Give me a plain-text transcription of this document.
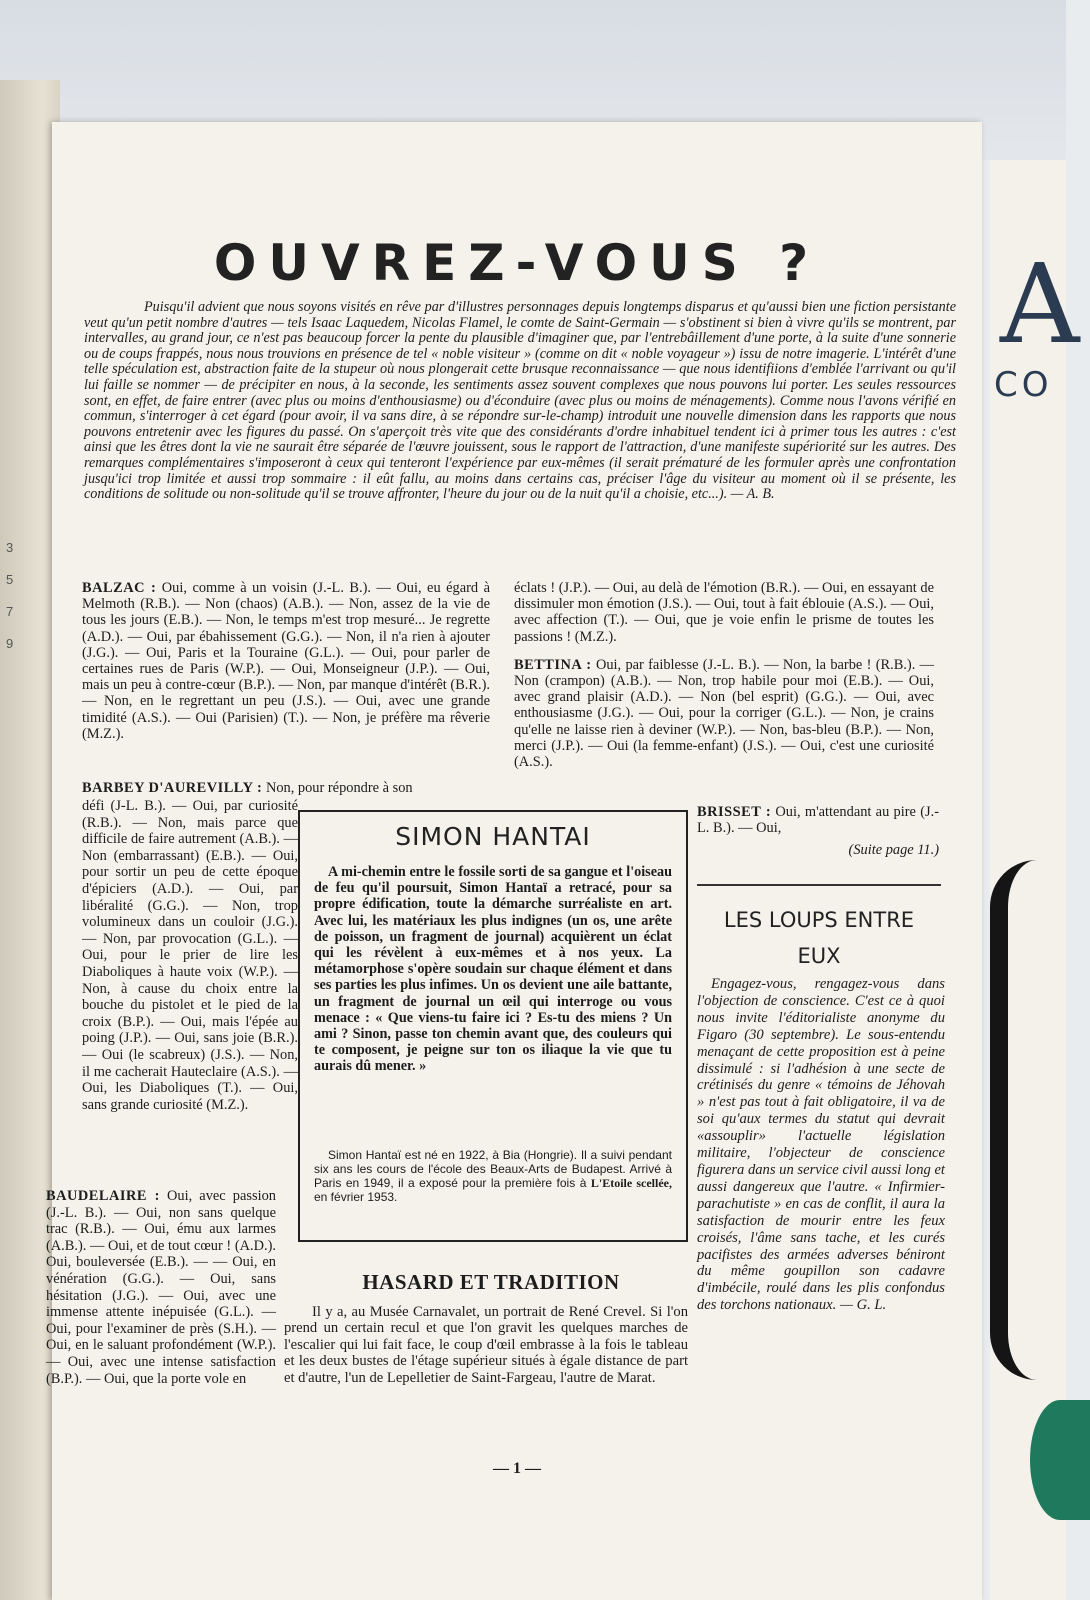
3
5
7
9
A
CO
OUVREZ-VOUS ?

Puisqu'il advient que nous soyons visités en rêve par d'illustres personnages depuis longtemps disparus et qu'aussi bien une fiction persistante veut qu'un petit nombre d'autres — tels Isaac Laquedem, Nicolas Flamel, le comte de Saint-Germain — s'obstinent si bien à vivre qu'ils se montrent, par intervalles, au grand jour, ce n'est pas beaucoup forcer la pente du plausible d'imaginer que, par l'entrebâillement d'une porte, à la suite d'une sonnerie ou de coups frappés, nous nous trouvions en présence de tel « noble visiteur » (comme on dit « noble voyageur ») issu de notre imagerie. L'intérêt d'une telle spéculation est, abstraction faite de la stupeur où nous plongerait cette brusque reconnaissance — que nous identifiions d'emblée l'arrivant ou qu'il lui faille se nommer — de précipiter en nous, à la seconde, les sentiments assez souvent complexes que nous pouvons lui porter. Les seules ressources sont, en effet, de faire entrer (avec plus ou moins d'enthousiasme) ou d'éconduire (avec plus ou moins de ménagements). Comme nous l'avons vérifié en commun, s'interroger à cet égard (pour avoir, il va sans dire, à se répondre sur-le-champ) introduit une nouvelle dimension dans les rapports que nous pouvons entretenir avec les figures du passé. On s'aperçoit très vite que des considérants d'ordre inhabituel tendent ici à primer tous les autres : c'est ainsi que les êtres dont la vie ne saurait être séparée de l'œuvre jouissent, sous le rapport de l'attraction, d'une manifeste supériorité sur les autres. Des remarques complémentaires s'imposeront à ceux qui tenteront l'expérience par eux-mêmes (il serait prématuré de les formuler après une confrontation jusqu'ici trop limitée et aussi trop sommaire : il eût fallu, au moins dans certains cas, préciser l'âge du visiteur au moment où il se présente, les conditions de solitude ou non-solitude qu'il se trouve affronter, l'heure du jour ou de la nuit qu'il a choisie, etc...). — A. B.

BALZAC : Oui, comme à un voisin (J.-L. B.). — Oui, eu égard à Melmoth (R.B.). — Non (chaos) (A.B.). — Non, assez de la vie de tous les jours (E.B.). — Non, le temps m'est trop mesuré... Je regrette (A.D.). — Oui, par ébahissement (G.G.). — Non, il n'a rien à ajouter (J.G.). — Oui, Paris et la Touraine (G.L.). — Oui, pour parler de certaines rues de Paris (W.P.). — Oui, Monseigneur (J.P.). — Oui, mais un peu à contre-cœur (B.P.). — Non, par manque d'intérêt (B.R.). — Non, en le regrettant un peu (J.S.). — Oui, avec une grande timidité (A.S.). — Oui (Parisien) (T.). — Non, je préfère ma rêverie (M.Z.).

BARBEY D'AUREVILLY : Non, pour répondre à son
défi (J-L. B.). — Oui, par curiosité (R.B.). — Non, mais parce que difficile de faire autrement (A.B.). — Non (embarrassant) (E.B.). — Oui, pour sortir un peu de cette époque d'épiciers (A.D.). — Oui, par libéralité (G.G.). — Non, trop volumineux dans un couloir (J.G.). — Non, par provocation (G.L.). — Oui, pour le prier de lire les Diaboliques à haute voix (W.P.). — Non, à cause du choix entre la bouche du pistolet et le pied de la croix (B.P.). — Oui, mais l'épée au poing (J.P.). — Oui, sans joie (B.R.). — Oui (le scabreux) (J.S.). — Non, il me cacherait Hauteclaire (A.S.). — Oui, les Diaboliques (T.). — Oui, sans grande curiosité (M.Z.).
BAUDELAIRE : Oui, avec passion (J.-L. B.). — Oui, non sans quelque trac (R.B.). — Oui, ému aux larmes (A.B.). — Oui, et de tout cœur ! (A.D.). Oui, bouleversée (E.B.). — — Oui, en vénération (G.G.). — Oui, sans hésitation (J.G.). — Oui, avec une immense attente inépuisée (G.L.). — Oui, pour l'examiner de près (S.H.). — Oui, en le saluant profondément (W.P.). — Oui, avec une intense satisfaction (B.P.). — Oui, que la porte vole en

éclats ! (J.P.). — Oui, au delà de l'émotion (B.R.). — Oui, en essayant de dissimuler mon émotion (J.S.). — Oui, tout à fait éblouie (A.S.). — Oui, avec affection (T.). — Oui, que je voie enfin le prisme de toutes les passions ! (M.Z.).

BETTINA : Oui, par faiblesse (J.-L. B.). — Non, la barbe ! (R.B.). — Non (crampon) (A.B.). — Non, trop habile pour moi (E.B.). — Oui, avec grand plaisir (A.D.). — Non (bel esprit) (G.G.). — Oui, avec enthousiasme (J.G.). — Oui, pour la corriger (G.L.). — Non, je crains qu'elle ne laisse rien à deviner (W.P.). — Non, bas-bleu (B.P.). — Non, merci (J.P.). — Oui (la femme-enfant) (J.S.). — Oui, c'est une curiosité (A.S.).

BRISSET : Oui, m'attendant au pire (J.-L. B.). — Oui,
(Suite page 11.)
SIMON HANTAI
A mi-chemin entre le fossile sorti de sa gangue et l'oiseau de feu qu'il poursuit, Simon Hantaï a retracé, pour sa propre édification, toute la démarche surréaliste en art. Avec lui, les matériaux les plus indignes (un os, une arête de poisson, un fragment de journal) acquièrent un éclat qui les révèlent à eux-mêmes et à nos yeux. La métamorphose s'opère soudain sur chaque élément et dans ses parties les plus infimes. Un os devient une aile battante, un fragment de journal un œil qui interroge ou vous menace : « Que viens-tu faire ici ? Es-tu des miens ? Un ami ? Sinon, passe ton chemin avant que, des couleurs qui te composent, je peigne sur ton os iliaque la vie que tu aurais dû mener. »
Simon Hantaï est né en 1922, à Bia (Hongrie). Il a suivi pendant six ans les cours de l'école des Beaux-Arts de Budapest. Arrivé à Paris en 1949, il a exposé pour la première fois à L'Etoile scellée, en février 1953.
HASARD ET TRADITION
Il y a, au Musée Carnavalet, un portrait de René Crevel. Si l'on prend un certain recul et que l'on gravit les quelques marches de l'escalier qui lui fait face, le coup d'œil embrasse à la fois le tableau et les deux bustes de l'étage supérieur situés à égale distance de part et d'autre, l'un de Lepelletier de Saint-Fargeau, l'autre de Marat.
LES LOUPS ENTRE
EUX
Engagez-vous, rengagez-vous dans l'objection de conscience. C'est ce à quoi nous invite l'éditorialiste anonyme du Figaro (30 septembre). Le sous-entendu menaçant de cette proposition est à peine dissimulé : si l'adhésion à une secte de crétinisés du genre « témoins de Jéhovah » n'est pas tout à fait obligatoire, il va de soi qu'aux termes du statut qui devrait «assouplir» l'actuelle législation militaire, l'objecteur de conscience figurera dans un service civil aussi long et aussi dangereux que l'autre. « Infirmier-parachutiste » en cas de conflit, il aura la satisfaction de mourir entre les feux croisés, l'âme sans tache, et les curés pacifistes des armées adverses béniront du même goupillon son cadavre d'imbécile, roulé dans les plis confondus des torchons nationaux. — G. L.
— 1 —
